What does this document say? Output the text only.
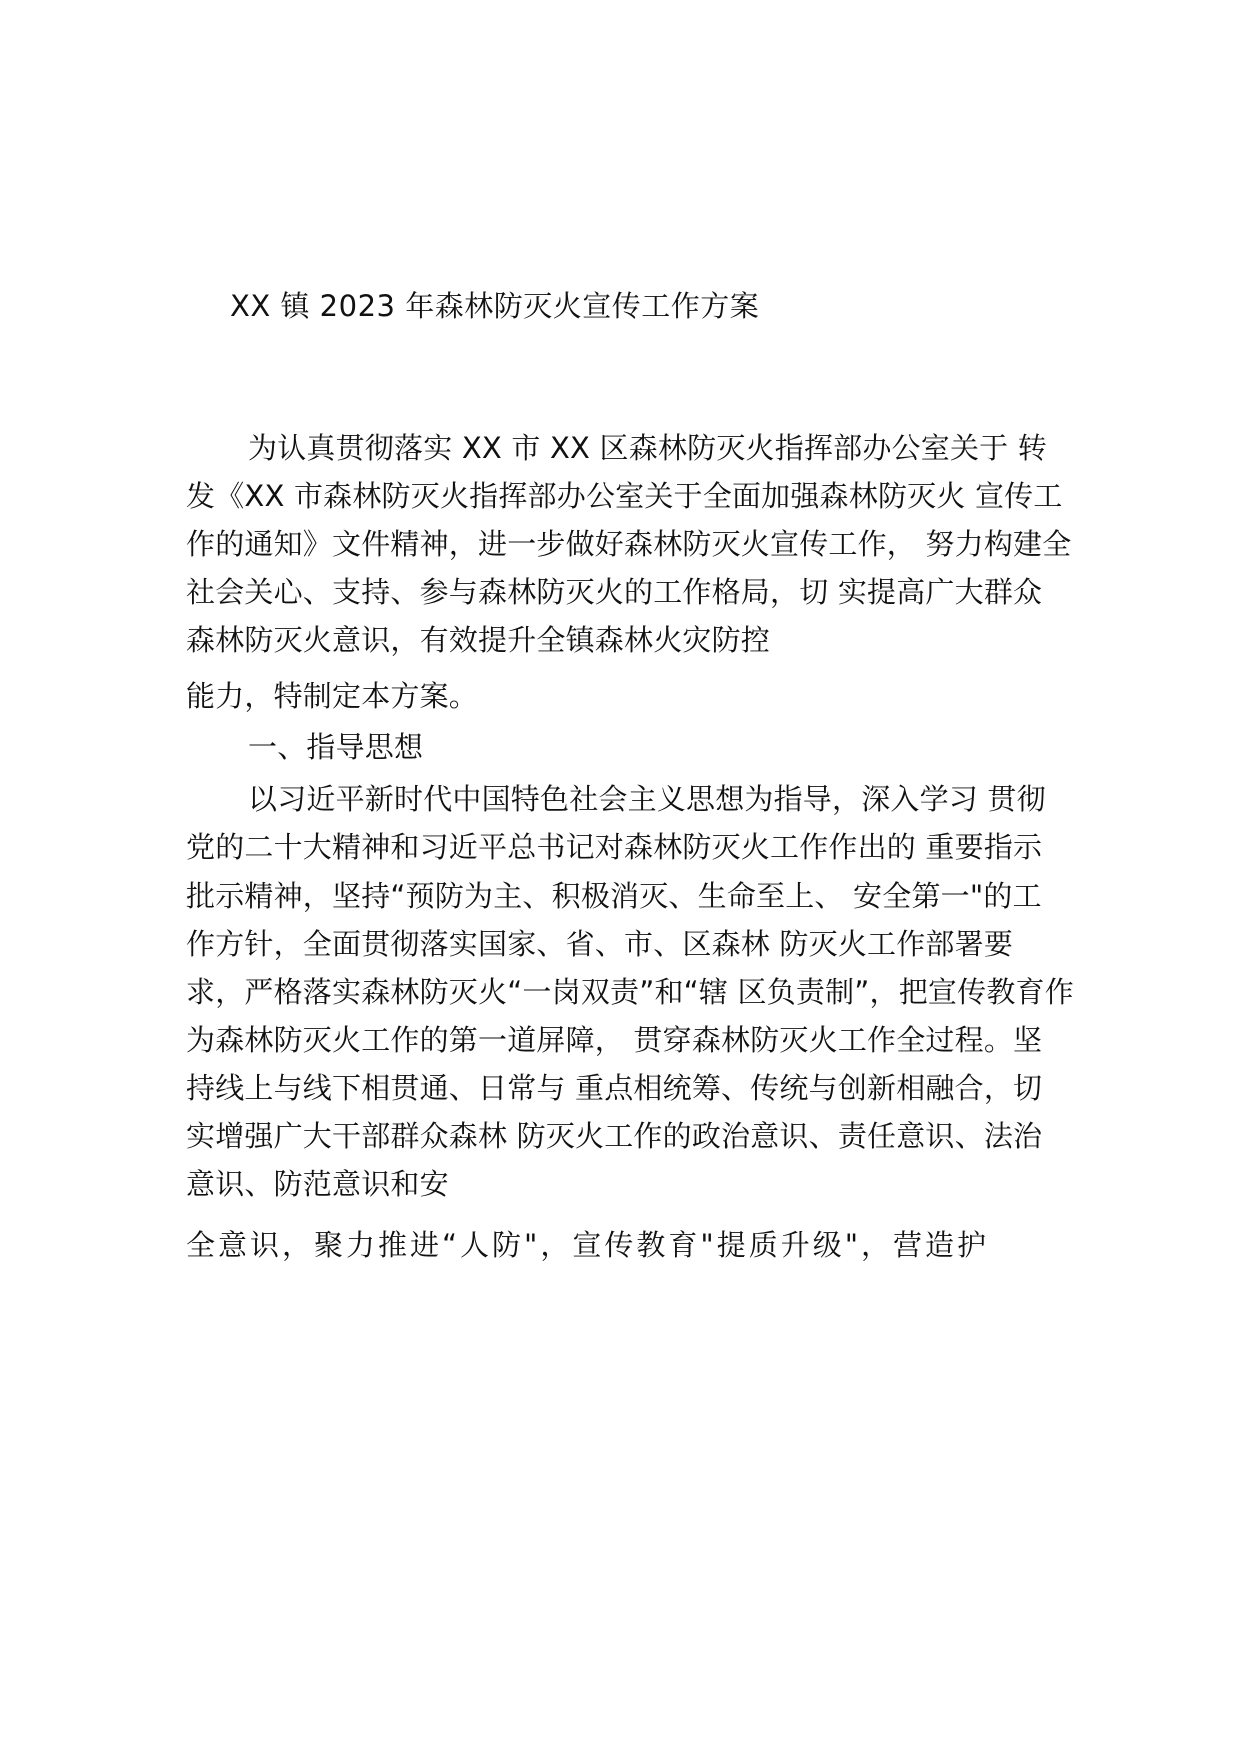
XX 镇 2023 年森林防灭火宣传工作方案
为认真贯彻落实 XX 市 XX 区森林防灭火指挥部办公室关于 转
发《XX 市森林防灭火指挥部办公室关于全面加强森林防灭火 宣传工
作的通知》文件精神，进一步做好森林防灭火宣传工作， 努力构建全
社会关心、支持、参与森林防灭火的工作格局，切 实提高广大群众
森林防灭火意识，有效提升全镇森林火灾防控
能力，特制定本方案。
一、指导思想
以习近平新时代中国特色社会主义思想为指导，深入学习 贯彻
党的二十大精神和习近平总书记对森林防灭火工作作出的 重要指示
批示精神，坚持“预防为主、积极消灭、生命至上、 安全第一"的工
作方针，全面贯彻落实国家、省、市、区森林 防灭火工作部署要
求，严格落实森林防灭火“一岗双责”和“辖 区负责制”，把宣传教育作
为森林防灭火工作的第一道屏障， 贯穿森林防灭火工作全过程。坚
持线上与线下相贯通、日常与 重点相统筹、传统与创新相融合，切
实增强广大干部群众森林 防灭火工作的政治意识、责任意识、法治
意识、防范意识和安
全意识，聚力推进“人防"，宣传教育"提质升级"，营造护
